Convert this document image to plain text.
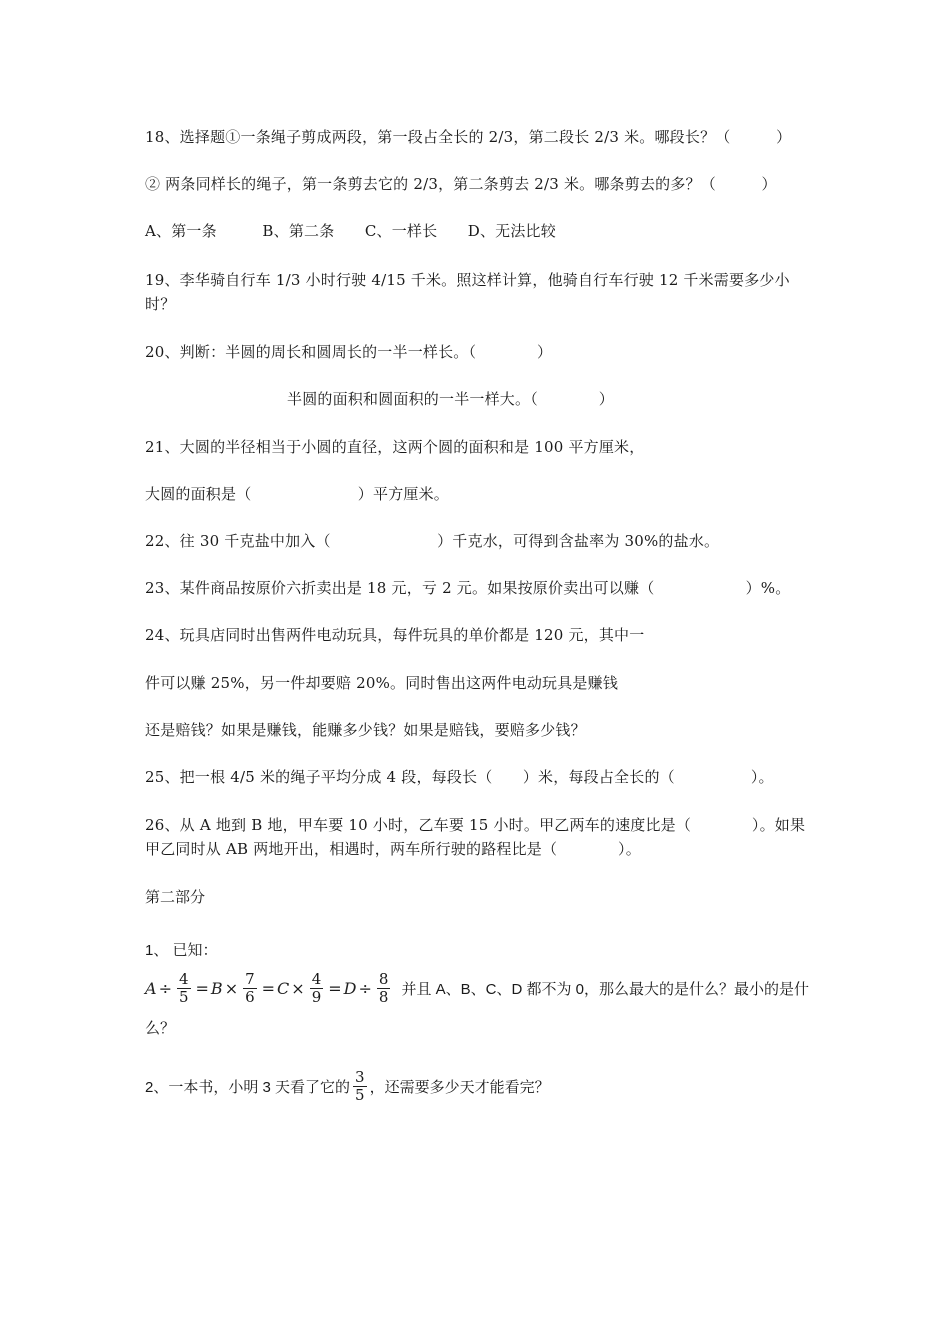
18、选择题①一条绳子剪成两段，第一段占全长的 2/3，第二段长 2/3 米。哪段长？（　　　）
② 两条同样长的绳子，第一条剪去它的 2/3，第二条剪去 2/3 米。哪条剪去的多？（　　　）
A、第一条　　　B、第二条　　C、一样长　　D、无法比较
19、李华骑自行车 1/3 小时行驶 4/15 千米。照这样计算，他骑自行车行驶 12 千米需要多少小时？
20、判断：半圆的周长和圆周长的一半一样长。（　　　　）
半圆的面积和圆面积的一半一样大。（　　　　）
21、大圆的半径相当于小圆的直径，这两个圆的面积和是 100 平方厘米，
大圆的面积是（　　　　　　　）平方厘米。
22、往 30 千克盐中加入（　　　　　　　）千克水，可得到含盐率为 30%的盐水。
23、某件商品按原价六折卖出是 18 元，亏 2 元。如果按原价卖出可以赚（　　　　　　）%。
24、玩具店同时出售两件电动玩具，每件玩具的单价都是 120 元，其中一
件可以赚 25%，另一件却要赔 20%。同时售出这两件电动玩具是赚钱
还是赔钱？如果是赚钱，能赚多少钱？如果是赔钱，要赔多少钱？
25、把一根 4/5 米的绳子平均分成 4 段，每段长（　　）米，每段占全长的（　　　　　）。
26、从 A 地到 B 地，甲车要 10 小时，乙车要 15 小时。甲乙两车的速度比是（　　　　）。如果甲乙同时从 AB 两地开出，相遇时，两车所行驶的路程比是（　　　　）。
第二部分
1、 已知：
$A \div \frac{4}{5} = B \times \frac{7}{6} = C \times \frac{4}{9} = D \div \frac{8}{8}$ 并且 A、B、C、D 都不为 0，那么最大的是什么？最小的是什
么？
2、一本书，小明 3 天看了它的 $\frac{3}{5}$ ，还需要多少天才能看完？
